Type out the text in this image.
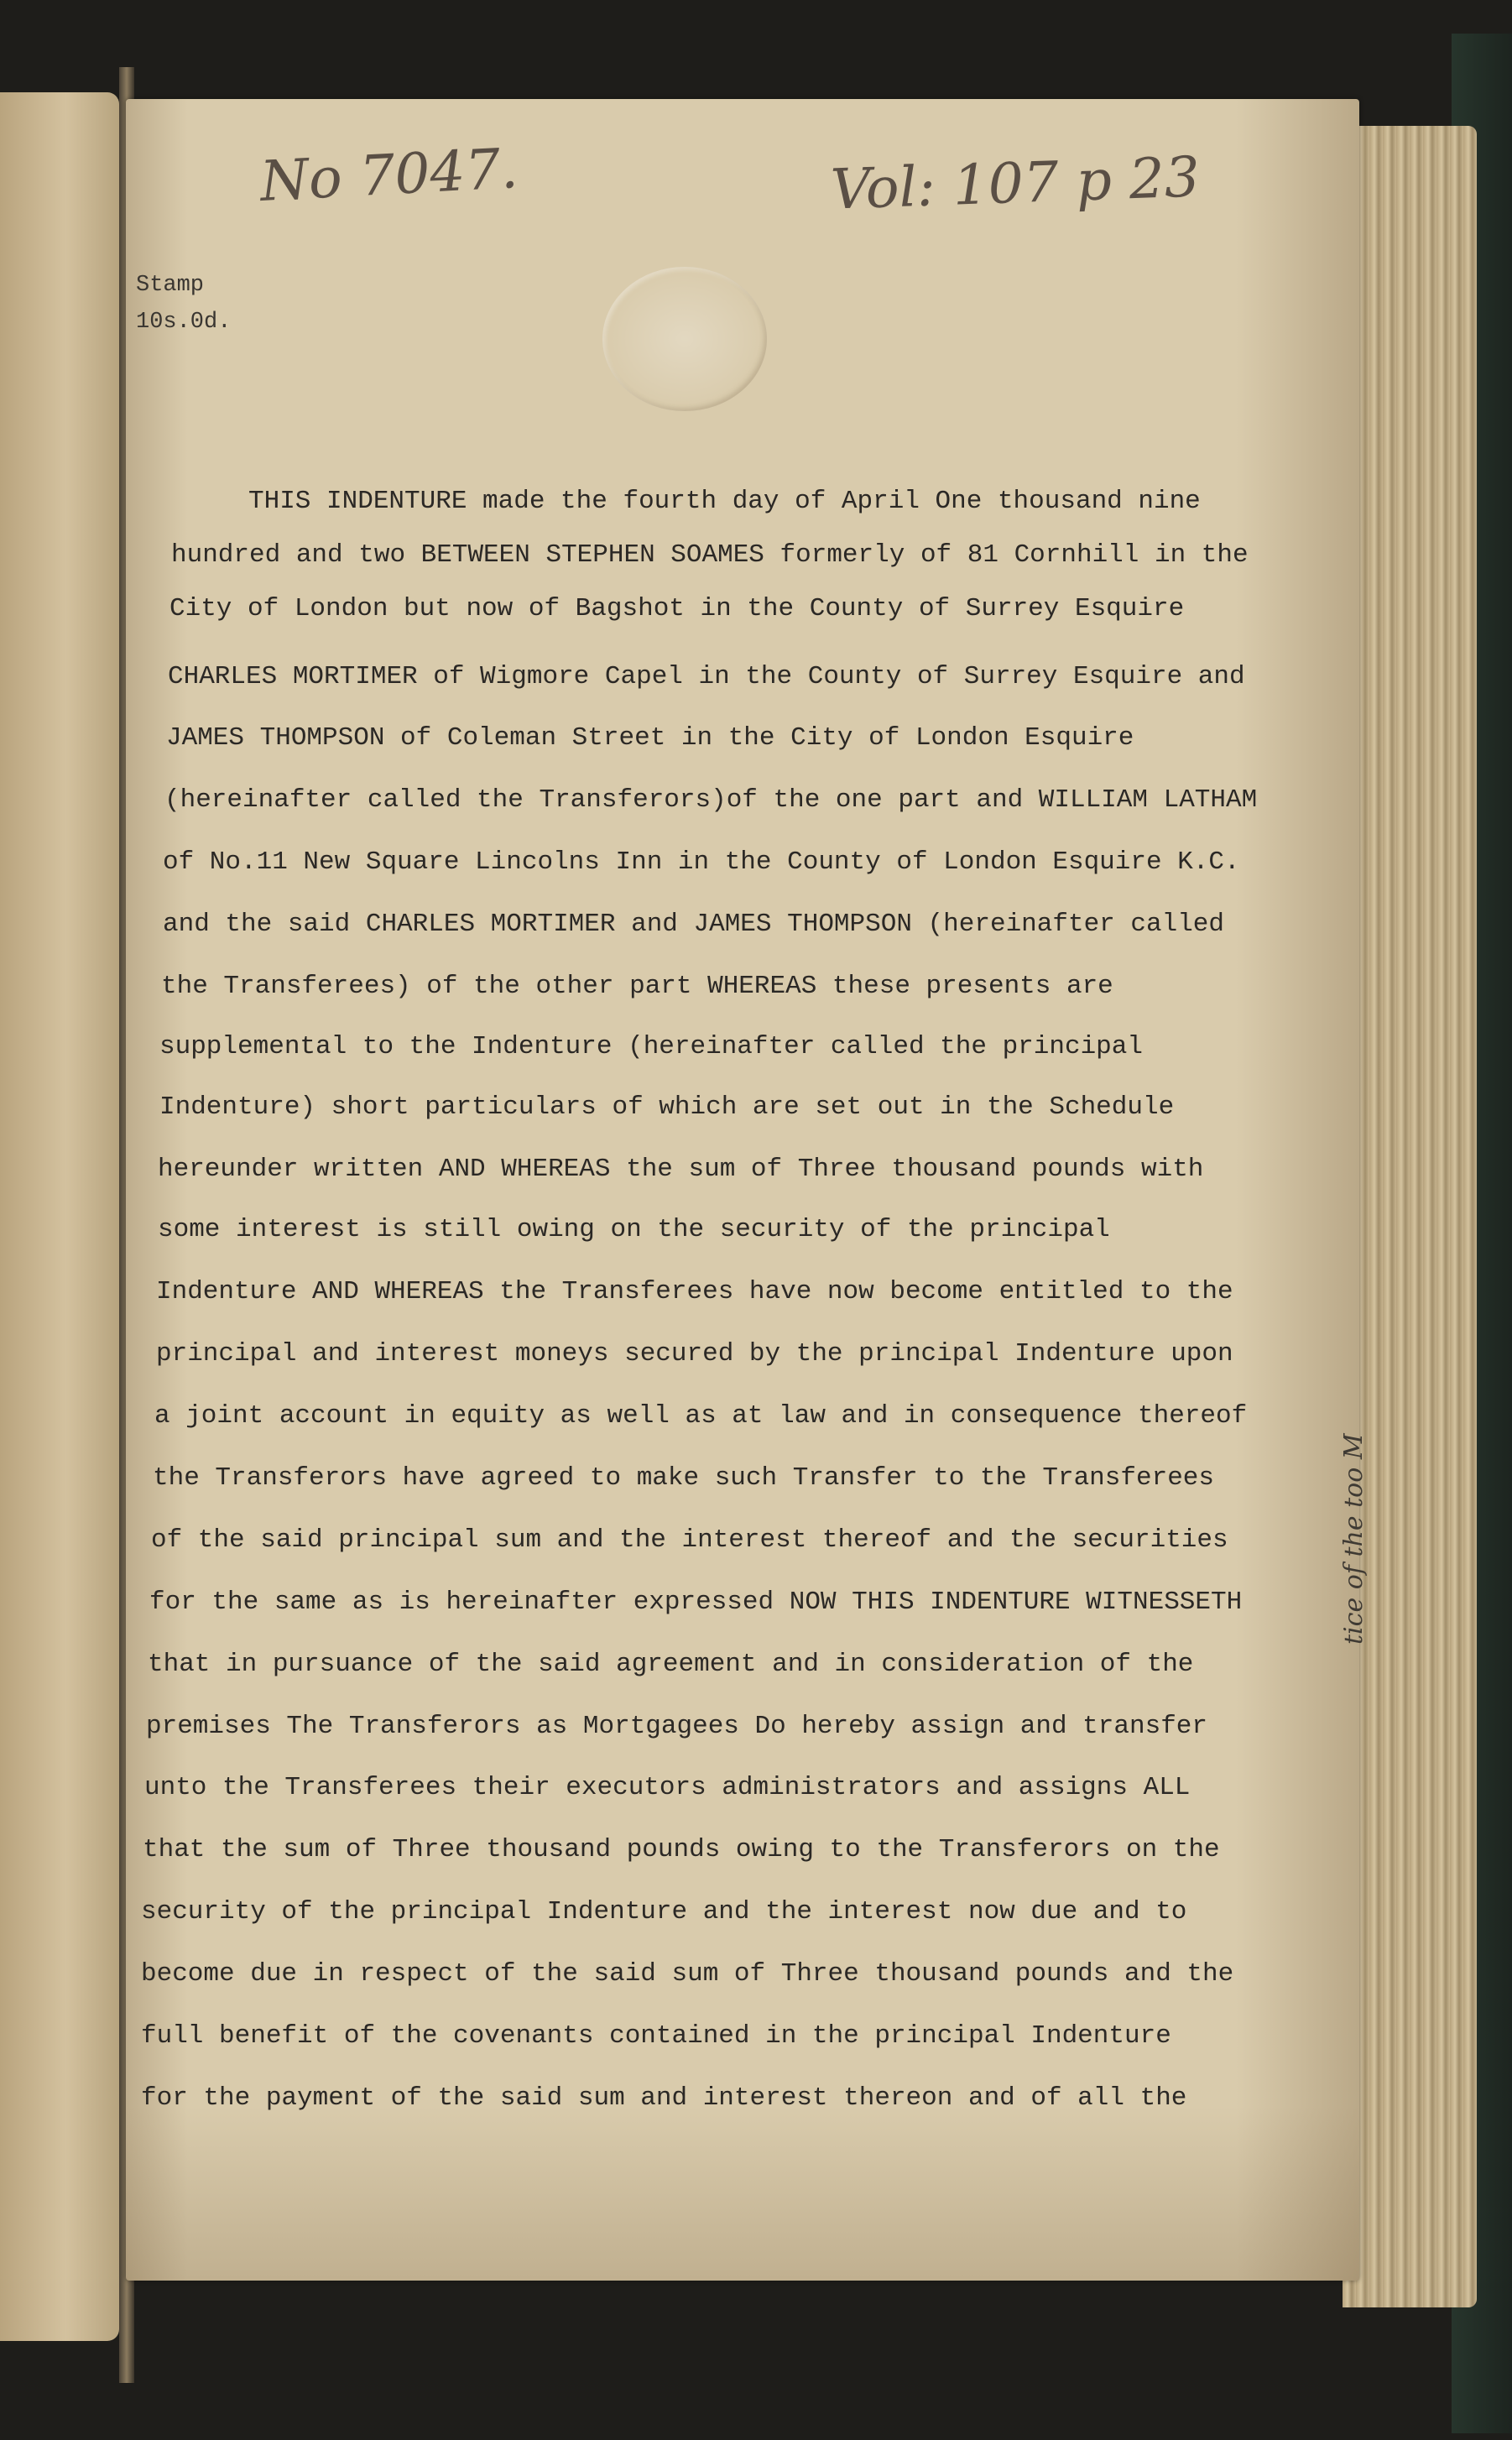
No 7047.	Vol: 107 p 23
Stamp
10s.0d.
THIS INDENTURE made the fourth day of April One thousand nine
hundred and two BETWEEN STEPHEN SOAMES formerly of 81 Cornhill in the
City of London but now of Bagshot in the County of Surrey Esquire
CHARLES MORTIMER of Wigmore Capel in the County of Surrey Esquire and
JAMES THOMPSON of Coleman Street in the City of London Esquire
(hereinafter called the Transferors)of the one part and WILLIAM LATHAM
of No.11 New Square Lincolns Inn in the County of London Esquire K.C.
and the said CHARLES MORTIMER and JAMES THOMPSON (hereinafter called
the Transferees) of the other part WHEREAS these presents are
supplemental to the Indenture (hereinafter called the principal
Indenture) short particulars of which are set out in the Schedule
hereunder written AND WHEREAS the sum of Three thousand pounds with
some interest is still owing on the security of the principal
Indenture AND WHEREAS the Transferees have now become entitled to the
principal and interest moneys secured by the principal Indenture upon
a joint account in equity as well as at law and in consequence thereof
the Transferors have agreed to make such Transfer to the Transferees
of the said principal sum and the interest thereof and the securities
for the same as is hereinafter expressed NOW THIS INDENTURE WITNESSETH
that in pursuance of the said agreement and in consideration of the
premises The Transferors as Mortgagees Do hereby assign and transfer
unto the Transferees their executors administrators and assigns ALL
that the sum of Three thousand pounds owing to the Transferors on the
security of the principal Indenture and the interest now due and to
become due in respect of the said sum of Three thousand pounds and the
full benefit of the covenants contained in the principal Indenture
for the payment of the said sum and interest thereon and of all the
tice of the too M
